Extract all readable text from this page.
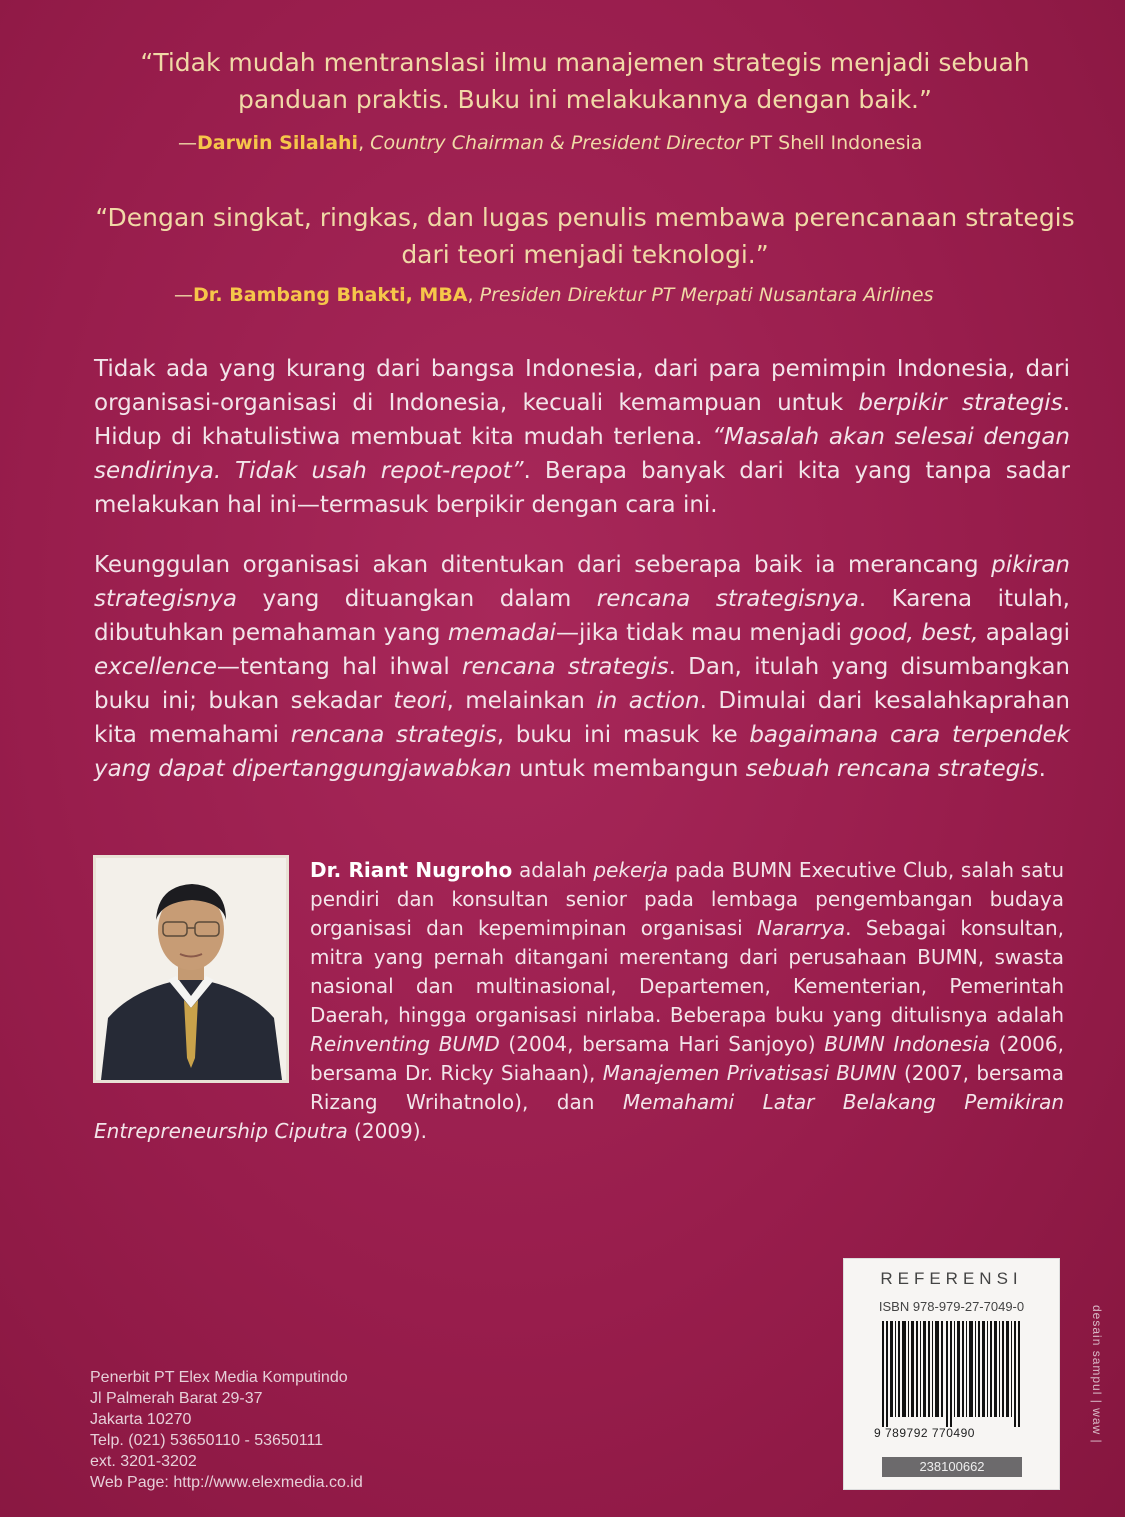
“Tidak mudah mentranslasi ilmu manajemen strategis menjadi sebuah
panduan praktis. Buku ini melakukannya dengan baik.”
—Darwin Silalahi, Country Chairman & President Director PT Shell Indonesia
“Dengan singkat, ringkas, dan lugas penulis membawa perencanaan strategis
dari teori menjadi teknologi.”
—Dr. Bambang Bhakti, MBA, Presiden Direktur PT Merpati Nusantara Airlines
Tidak ada yang kurang dari bangsa Indonesia, dari para pemimpin Indonesia, dari organisasi-organisasi di Indonesia, kecuali kemampuan untuk berpikir strategis. Hidup di khatulistiwa membuat kita mudah terlena. “Masalah akan selesai dengan sendirinya. Tidak usah repot-repot”. Berapa banyak dari kita yang tanpa sadar melakukan hal ini—termasuk berpikir dengan cara ini.
Keunggulan organisasi akan ditentukan dari seberapa baik ia merancang pikiran strategisnya yang dituangkan dalam rencana strategisnya. Karena itulah, dibutuhkan pemahaman yang memadai—jika tidak mau menjadi good, best, apalagi excellence—tentang hal ihwal rencana strategis. Dan, itulah yang disumbangkan buku ini; bukan sekadar teori, melainkan in action. Dimulai dari kesalahkaprahan kita memahami rencana strategis, buku ini masuk ke bagaimana cara terpendek yang dapat dipertanggungjawabkan untuk membangun sebuah rencana strategis.
Dr. Riant Nugroho adalah pekerja pada BUMN Executive Club, salah satu pendiri dan konsultan senior pada lembaga pengembangan budaya organisasi dan kepemimpinan organisasi Nararrya. Sebagai konsultan, mitra yang pernah ditangani merentang dari perusahaan BUMN, swasta nasional dan multinasional, Departemen, Kementerian, Pemerintah Daerah, hingga organisasi nirlaba. Beberapa buku yang ditulisnya adalah Reinventing BUMD (2004, bersama Hari Sanjoyo) BUMN Indonesia (2006, bersama Dr. Ricky Siahaan), Manajemen Privatisasi BUMN (2007, bersama Rizang Wrihatnolo), dan Memahami Latar Belakang Pemikiran Entrepreneurship Ciputra (2009).
Penerbit PT Elex Media Komputindo
Jl Palmerah Barat 29-37
Jakarta 10270
Telp. (021) 53650110 - 53650111
ext. 3201-3202
Web Page: http://www.elexmedia.co.id
REFERENSI
ISBN 978-979-27-7049-0
9 789792 770490
238100662
desain sampul | waw |
